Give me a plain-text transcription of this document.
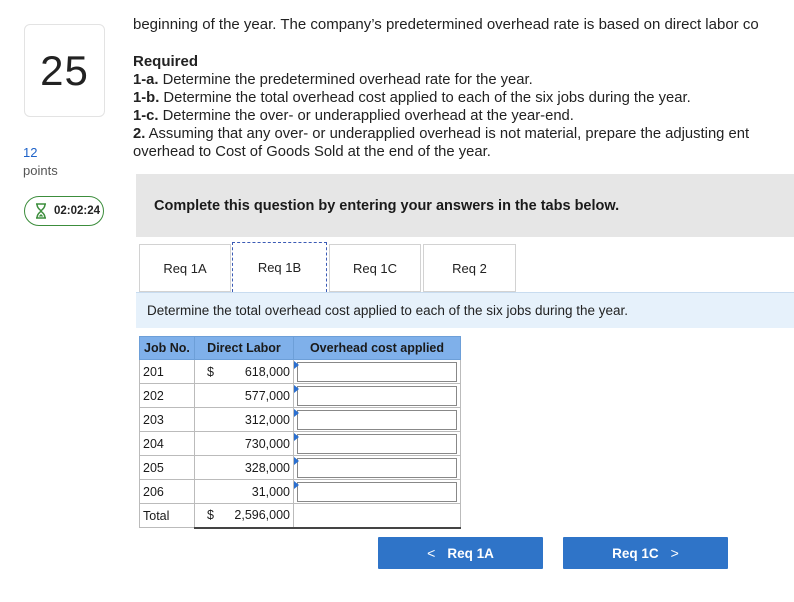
25
12
points
02:02:24
beginning of the year. The company’s predetermined overhead rate is based on direct labor co
Required
1-a. Determine the predetermined overhead rate for the year.
1-b. Determine the total overhead cost applied to each of the six jobs during the year.
1-c. Determine the over- or underapplied overhead at the year-end.
2. Assuming that any over- or underapplied overhead is not material, prepare the adjusting ent
overhead to Cost of Goods Sold at the end of the year.
Complete this question by entering your answers in the tabs below.
Req 1A	Req 1B	Req 1C	Req 2
Determine the total overhead cost applied to each of the six jobs during the year.
Job No.	Direct Labor	Overhead cost applied
201	$ 618,000	

202	577,000	

203	312,000	

204	730,000	

205	328,000	

206	31,000	

Total	$ 2,596,000	
< Req 1A	Req 1C >
